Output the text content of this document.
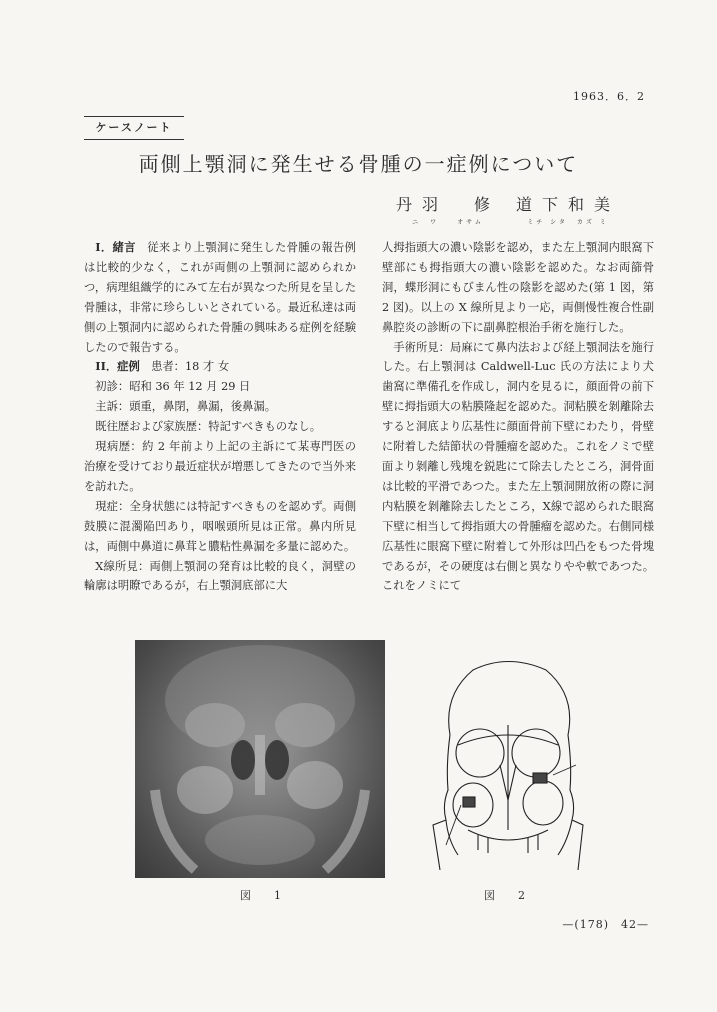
1963．6．2
ケースノート
両側上顎洞に発生せる骨腫の一症例について
丹羽　修
ニ　ワ　　オサム
道下和美
ミチ シタ　カズ ミ

I．緒言　 従来より上顎洞に発生した骨腫の報告例は比較的少なく，これが両側の上顎洞に認められかつ，病理組織学的にみて左右が異なつた所見を呈した骨腫は，非常に珍らしいとされている。最近私達は両側の上顎洞内に認められた骨腫の興味ある症例を経験したので報告する。

II．症例　 患者：18 才 女

初診：昭和 36 年 12 月 29 日

主訴：頭重，鼻閉，鼻漏，後鼻漏。

既往歴および家族歴：特記すべきものなし。

現病歴：約 2 年前より上記の主訴にて某専門医の治療を受けており最近症状が増悪してきたので当外来を訪れた。

現症：全身状態には特記すべきものを認めず。両側鼓膜に混濁陥凹あり，咽喉頭所見は正常。鼻内所見は，両側中鼻道に鼻茸と膿粘性鼻漏を多量に認めた。

X線所見：両側上顎洞の発育は比較的良く，洞壁の輪廓は明瞭であるが，右上顎洞底部に大

人拇指頭大の濃い陰影を認め，また左上顎洞内眼窩下壁部にも拇指頭大の濃い陰影を認めた。なお両篩骨洞，蝶形洞にもびまん性の陰影を認めた(第 1 図，第 2 図)。以上の X 線所見より一応，両側慢性複合性副鼻腔炎の診断の下に副鼻腔根治手術を施行した。

手術所見：局麻にて鼻内法および経上顎洞法を施行した。右上顎洞は Caldwell-Luc 氏の方法により犬歯窩に準備孔を作成し，洞内を見るに，顔面骨の前下壁に拇指頭大の粘膜隆起を認めた。洞粘膜を剝離除去すると洞底より広基性に顔面骨前下壁にわたり，骨壁に附着した結節状の骨腫瘤を認めた。これをノミで壁面より剝離し残塊を鋭匙にて除去したところ，洞骨面は比較的平滑であつた。また左上顎洞開放術の際に洞内粘膜を剝離除去したところ，X線で認められた眼窩下壁に相当して拇指頭大の骨腫瘤を認めた。右側同様広基性に眼窩下壁に附着して外形は凹凸をもつた骨塊であるが，その硬度は右側と異なりやや軟であつた。これをノミにて

図　1	図　2
—(178)　42—
